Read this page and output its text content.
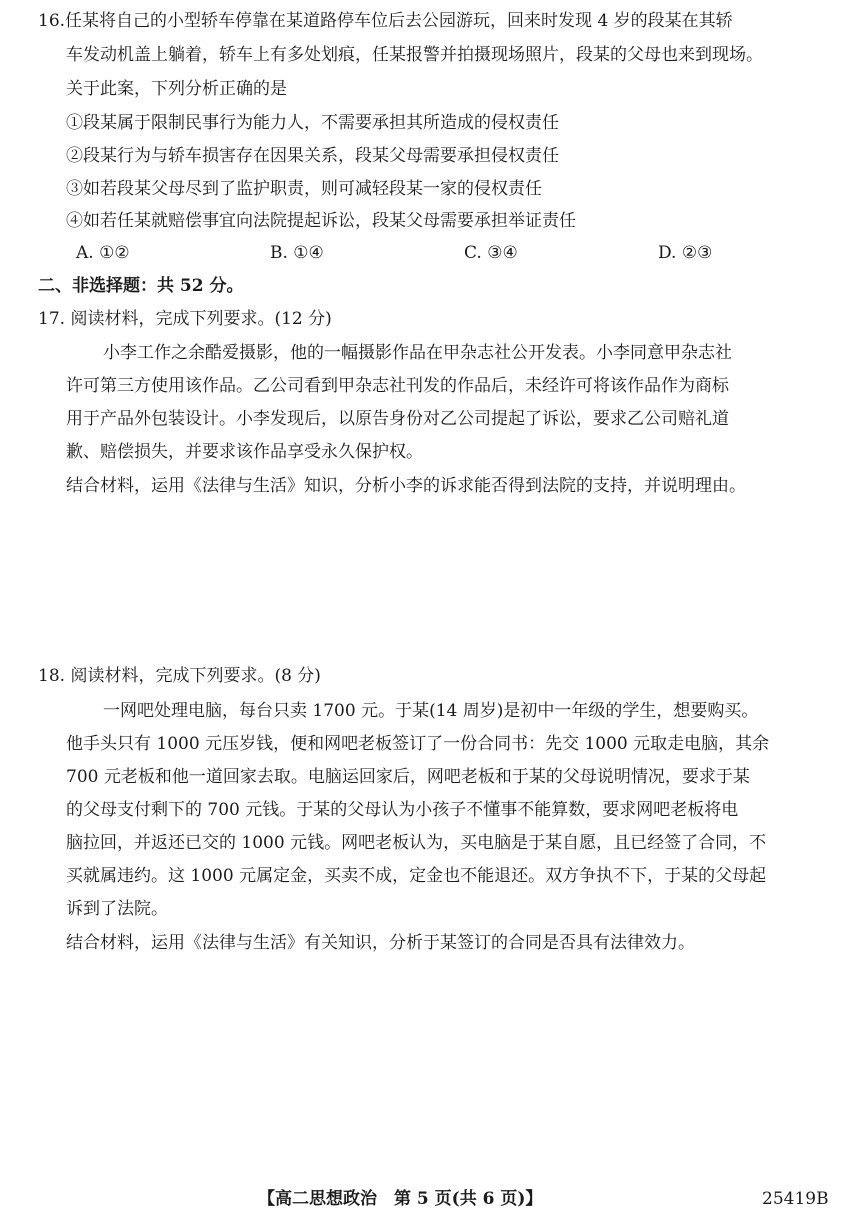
16.任某将自己的小型轿车停靠在某道路停车位后去公园游玩，回来时发现 4 岁的段某在其轿
车发动机盖上躺着，轿车上有多处划痕，任某报警并拍摄现场照片，段某的父母也来到现场。
关于此案，下列分析正确的是
①段某属于限制民事行为能力人，不需要承担其所造成的侵权责任
②段某行为与轿车损害存在因果关系，段某父母需要承担侵权责任
③如若段某父母尽到了监护职责，则可减轻段某一家的侵权责任
④如若任某就赔偿事宜向法院提起诉讼，段某父母需要承担举证责任
A. ①②	B. ①④	C. ③④	D. ②③
二、非选择题：共 52 分。
17. 阅读材料，完成下列要求。(12 分)
小李工作之余酷爱摄影，他的一幅摄影作品在甲杂志社公开发表。小李同意甲杂志社
许可第三方使用该作品。乙公司看到甲杂志社刊发的作品后，未经许可将该作品作为商标
用于产品外包装设计。小李发现后，以原告身份对乙公司提起了诉讼，要求乙公司赔礼道
歉、赔偿损失，并要求该作品享受永久保护权。
结合材料，运用《法律与生活》知识，分析小李的诉求能否得到法院的支持，并说明理由。
18. 阅读材料，完成下列要求。(8 分)
一网吧处理电脑，每台只卖 1700 元。于某(14 周岁)是初中一年级的学生，想要购买。
他手头只有 1000 元压岁钱，便和网吧老板签订了一份合同书：先交 1000 元取走电脑，其余
700 元老板和他一道回家去取。电脑运回家后，网吧老板和于某的父母说明情况，要求于某
的父母支付剩下的 700 元钱。于某的父母认为小孩子不懂事不能算数，要求网吧老板将电
脑拉回，并返还已交的 1000 元钱。网吧老板认为，买电脑是于某自愿，且已经签了合同，不
买就属违约。这 1000 元属定金，买卖不成，定金也不能退还。双方争执不下，于某的父母起
诉到了法院。
结合材料，运用《法律与生活》有关知识，分析于某签订的合同是否具有法律效力。
【高二思想政治　第 5 页(共 6 页)】	25419B
